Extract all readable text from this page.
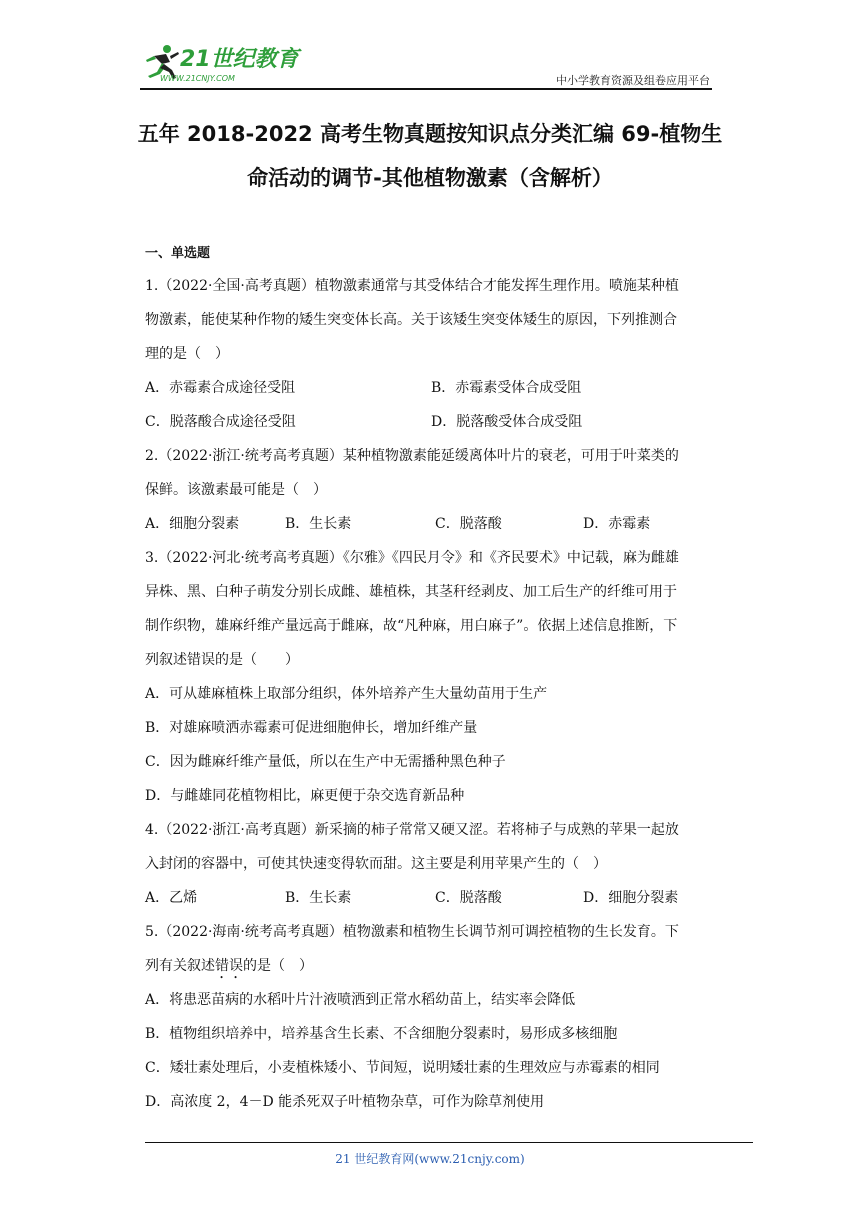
21世纪教育
WWW.21CNJY.COM	中小学教育资源及组卷应用平台
五年 2018-2022 高考生物真题按知识点分类汇编 69-植物生
命活动的调节-其他植物激素（含解析）
一、单选题

1.（2022·全国·高考真题）植物激素通常与其受体结合才能发挥生理作用。喷施某种植

物激素，能使某种作物的矮生突变体长高。关于该矮生突变体矮生的原因，下列推测合

理的是（　）

A．赤霉素合成途径受阻	B．赤霉素受体合成受阻
C．脱落酸合成途径受阻	D．脱落酸受体合成受阻

2.（2022·浙江·统考高考真题）某种植物激素能延缓离体叶片的衰老，可用于叶菜类的

保鲜。该激素最可能是（　）

A．细胞分裂素	B．生长素	C．脱落酸	D．赤霉素

3.（2022·河北·统考高考真题）《尔雅》《四民月令》和《齐民要术》中记载，麻为雌雄

异株、黑、白种子萌发分别长成雌、雄植株，其茎秆经剥皮、加工后生产的纤维可用于

制作织物，雄麻纤维产量远高于雌麻，故“凡种麻，用白麻子”。依据上述信息推断，下

列叙述错误的是（　　）

A．可从雄麻植株上取部分组织，体外培养产生大量幼苗用于生产

B．对雄麻喷洒赤霉素可促进细胞伸长，增加纤维产量

C．因为雌麻纤维产量低，所以在生产中无需播种黑色种子

D．与雌雄同花植物相比，麻更便于杂交选育新品种

4.（2022·浙江·高考真题）新采摘的柿子常常又硬又涩。若将柿子与成熟的苹果一起放

入封闭的容器中，可使其快速变得软而甜。这主要是利用苹果产生的（　）

A．乙烯	B．生长素	C．脱落酸	D．细胞分裂素

5.（2022·海南·统考高考真题）植物激素和植物生长调节剂可调控植物的生长发育。下

列有关叙述错误的是（　）

A．将患恶苗病的水稻叶片汁液喷洒到正常水稻幼苗上，结实率会降低

B．植物组织培养中，培养基含生长素、不含细胞分裂素时，易形成多核细胞

C．矮壮素处理后，小麦植株矮小、节间短，说明矮壮素的生理效应与赤霉素的相同

D．高浓度 2，4－D 能杀死双子叶植物杂草，可作为除草剂使用

21 世纪教育网(www.21cnjy.com)
